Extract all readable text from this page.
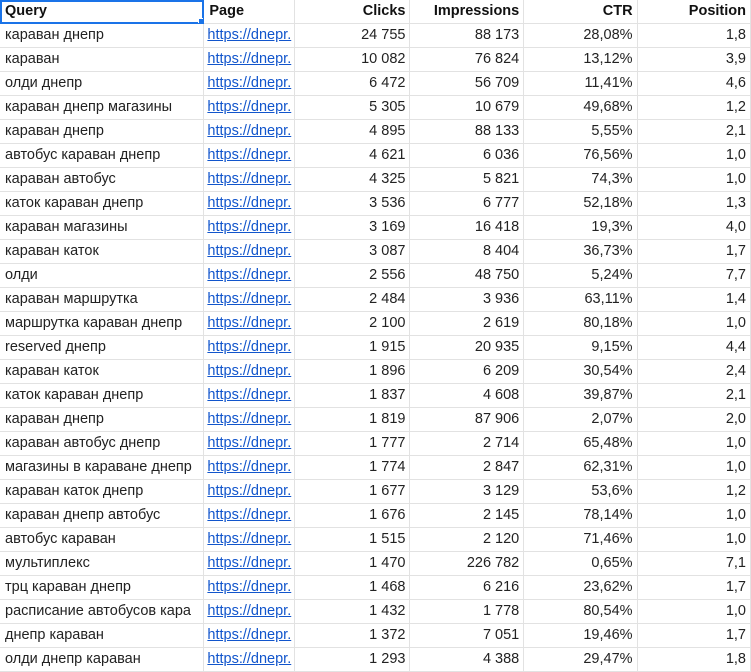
Query	Page	Clicks	Impressions	CTR	Position
караван днепр	https://dnepr.	24 755	88 173	28,08%	1,8
караван	https://dnepr.	10 082	76 824	13,12%	3,9
олди днепр	https://dnepr.	6 472	56 709	11,41%	4,6
караван днепр магазины	https://dnepr.	5 305	10 679	49,68%	1,2
караван днепр	https://dnepr.	4 895	88 133	5,55%	2,1
автобус караван днепр	https://dnepr.	4 621	6 036	76,56%	1,0
караван автобус	https://dnepr.	4 325	5 821	74,3%	1,0
каток караван днепр	https://dnepr.	3 536	6 777	52,18%	1,3
караван магазины	https://dnepr.	3 169	16 418	19,3%	4,0
караван каток	https://dnepr.	3 087	8 404	36,73%	1,7
олди	https://dnepr.	2 556	48 750	5,24%	7,7
караван маршрутка	https://dnepr.	2 484	3 936	63,11%	1,4
маршрутка караван днепр	https://dnepr.	2 100	2 619	80,18%	1,0
reserved днепр	https://dnepr.	1 915	20 935	9,15%	4,4
караван каток	https://dnepr.	1 896	6 209	30,54%	2,4
каток караван днепр	https://dnepr.	1 837	4 608	39,87%	2,1
караван днепр	https://dnepr.	1 819	87 906	2,07%	2,0
караван автобус днепр	https://dnepr.	1 777	2 714	65,48%	1,0
магазины в караване днепр	https://dnepr.	1 774	2 847	62,31%	1,0
караван каток днепр	https://dnepr.	1 677	3 129	53,6%	1,2
караван днепр автобус	https://dnepr.	1 676	2 145	78,14%	1,0
автобус караван	https://dnepr.	1 515	2 120	71,46%	1,0
мультиплекс	https://dnepr.	1 470	226 782	0,65%	7,1
трц караван днепр	https://dnepr.	1 468	6 216	23,62%	1,7
расписание автобусов кара	https://dnepr.	1 432	1 778	80,54%	1,0
днепр караван	https://dnepr.	1 372	7 051	19,46%	1,7
олди днепр караван	https://dnepr.	1 293	4 388	29,47%	1,8
